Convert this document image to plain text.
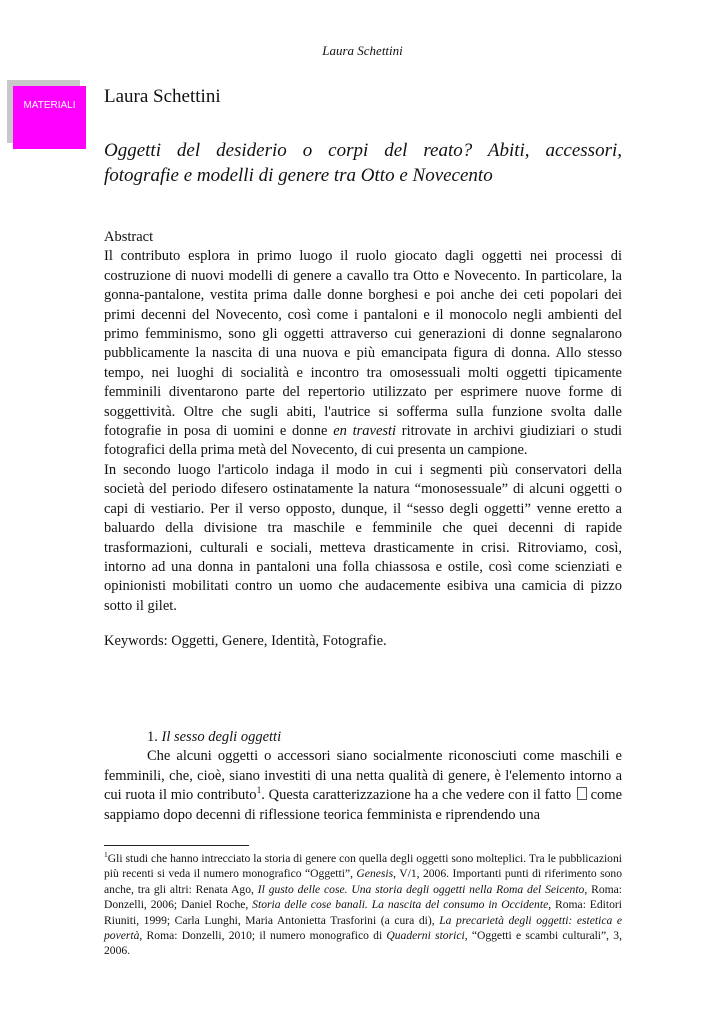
Laura Schettini
MATERIALI	Laura Schettini
Oggetti del desiderio o corpi del reato? Abiti, accessori,
fotografie e modelli di genere tra Otto e Novecento

Abstract

Il contributo esplora in primo luogo il ruolo giocato dagli oggetti nei processi di costruzione di nuovi modelli di genere a cavallo tra Otto e Novecento. In particolare, la gonna-pantalone, vestita prima dalle donne borghesi e poi anche dei ceti popolari dei primi decenni del Novecento, così come i pantaloni e il monocolo negli ambienti del primo femminismo, sono gli oggetti attraverso cui generazioni di donne segnalarono pubblicamente la nascita di una nuova e più emancipata figura di donna. Allo stesso tempo, nei luoghi di socialità e incontro tra omosessuali molti oggetti tipicamente femminili diventarono parte del repertorio utilizzato per esprimere nuove forme di soggettività. Oltre che sugli abiti, l'autrice si sofferma sulla funzione svolta dalle fotografie in posa di uomini e donne en travesti ritrovate in archivi giudiziari o studi fotografici della prima metà del Novecento, di cui presenta un campione.

In secondo luogo l'articolo indaga il modo in cui i segmenti più conservatori della società del periodo difesero ostinatamente la natura “monosessuale” di alcuni oggetti o capi di vestiario. Per il verso opposto, dunque, il “sesso degli oggetti” venne eretto a baluardo della divisione tra maschile e femminile che quei decenni di rapide trasformazioni, culturali e sociali, metteva drasticamente in crisi. Ritroviamo, così, intorno ad una donna in pantaloni una folla chiassosa e ostile, così come scienziati e opinionisti mobilitati contro un uomo che audacemente esibiva una camicia di pizzo sotto il gilet.

Keywords: Oggetti, Genere, Identità, Fotografie.

1. Il sesso degli oggetti

Che alcuni oggetti o accessori siano socialmente riconosciuti come maschili e femminili, che, cioè, siano investiti di una netta qualità di genere, è l'elemento intorno a cui ruota il mio contributo$^1$. Questa caratterizzazione ha a che vedere con il fatto  come sappiamo dopo decenni di riflessione teorica femminista e riprendendo una

$^1$Gli studi che hanno intrecciato la storia di genere con quella degli oggetti sono molteplici. Tra le pubblicazioni più recenti si veda il numero monografico “Oggetti”, Genesis, V/1, 2006. Importanti punti di riferimento sono anche, tra gli altri: Renata Ago, Il gusto delle cose. Una storia degli oggetti nella Roma del Seicento, Roma: Donzelli, 2006; Daniel Roche, Storia delle cose banali. La nascita del consumo in Occidente, Roma: Editori Riuniti, 1999; Carla Lunghi, Maria Antonietta Trasforini (a cura di), La precarietà degli oggetti: estetica e povertà, Roma: Donzelli, 2010; il numero monografico di Quaderni storici, “Oggetti e scambi culturali”, 3, 2006.
